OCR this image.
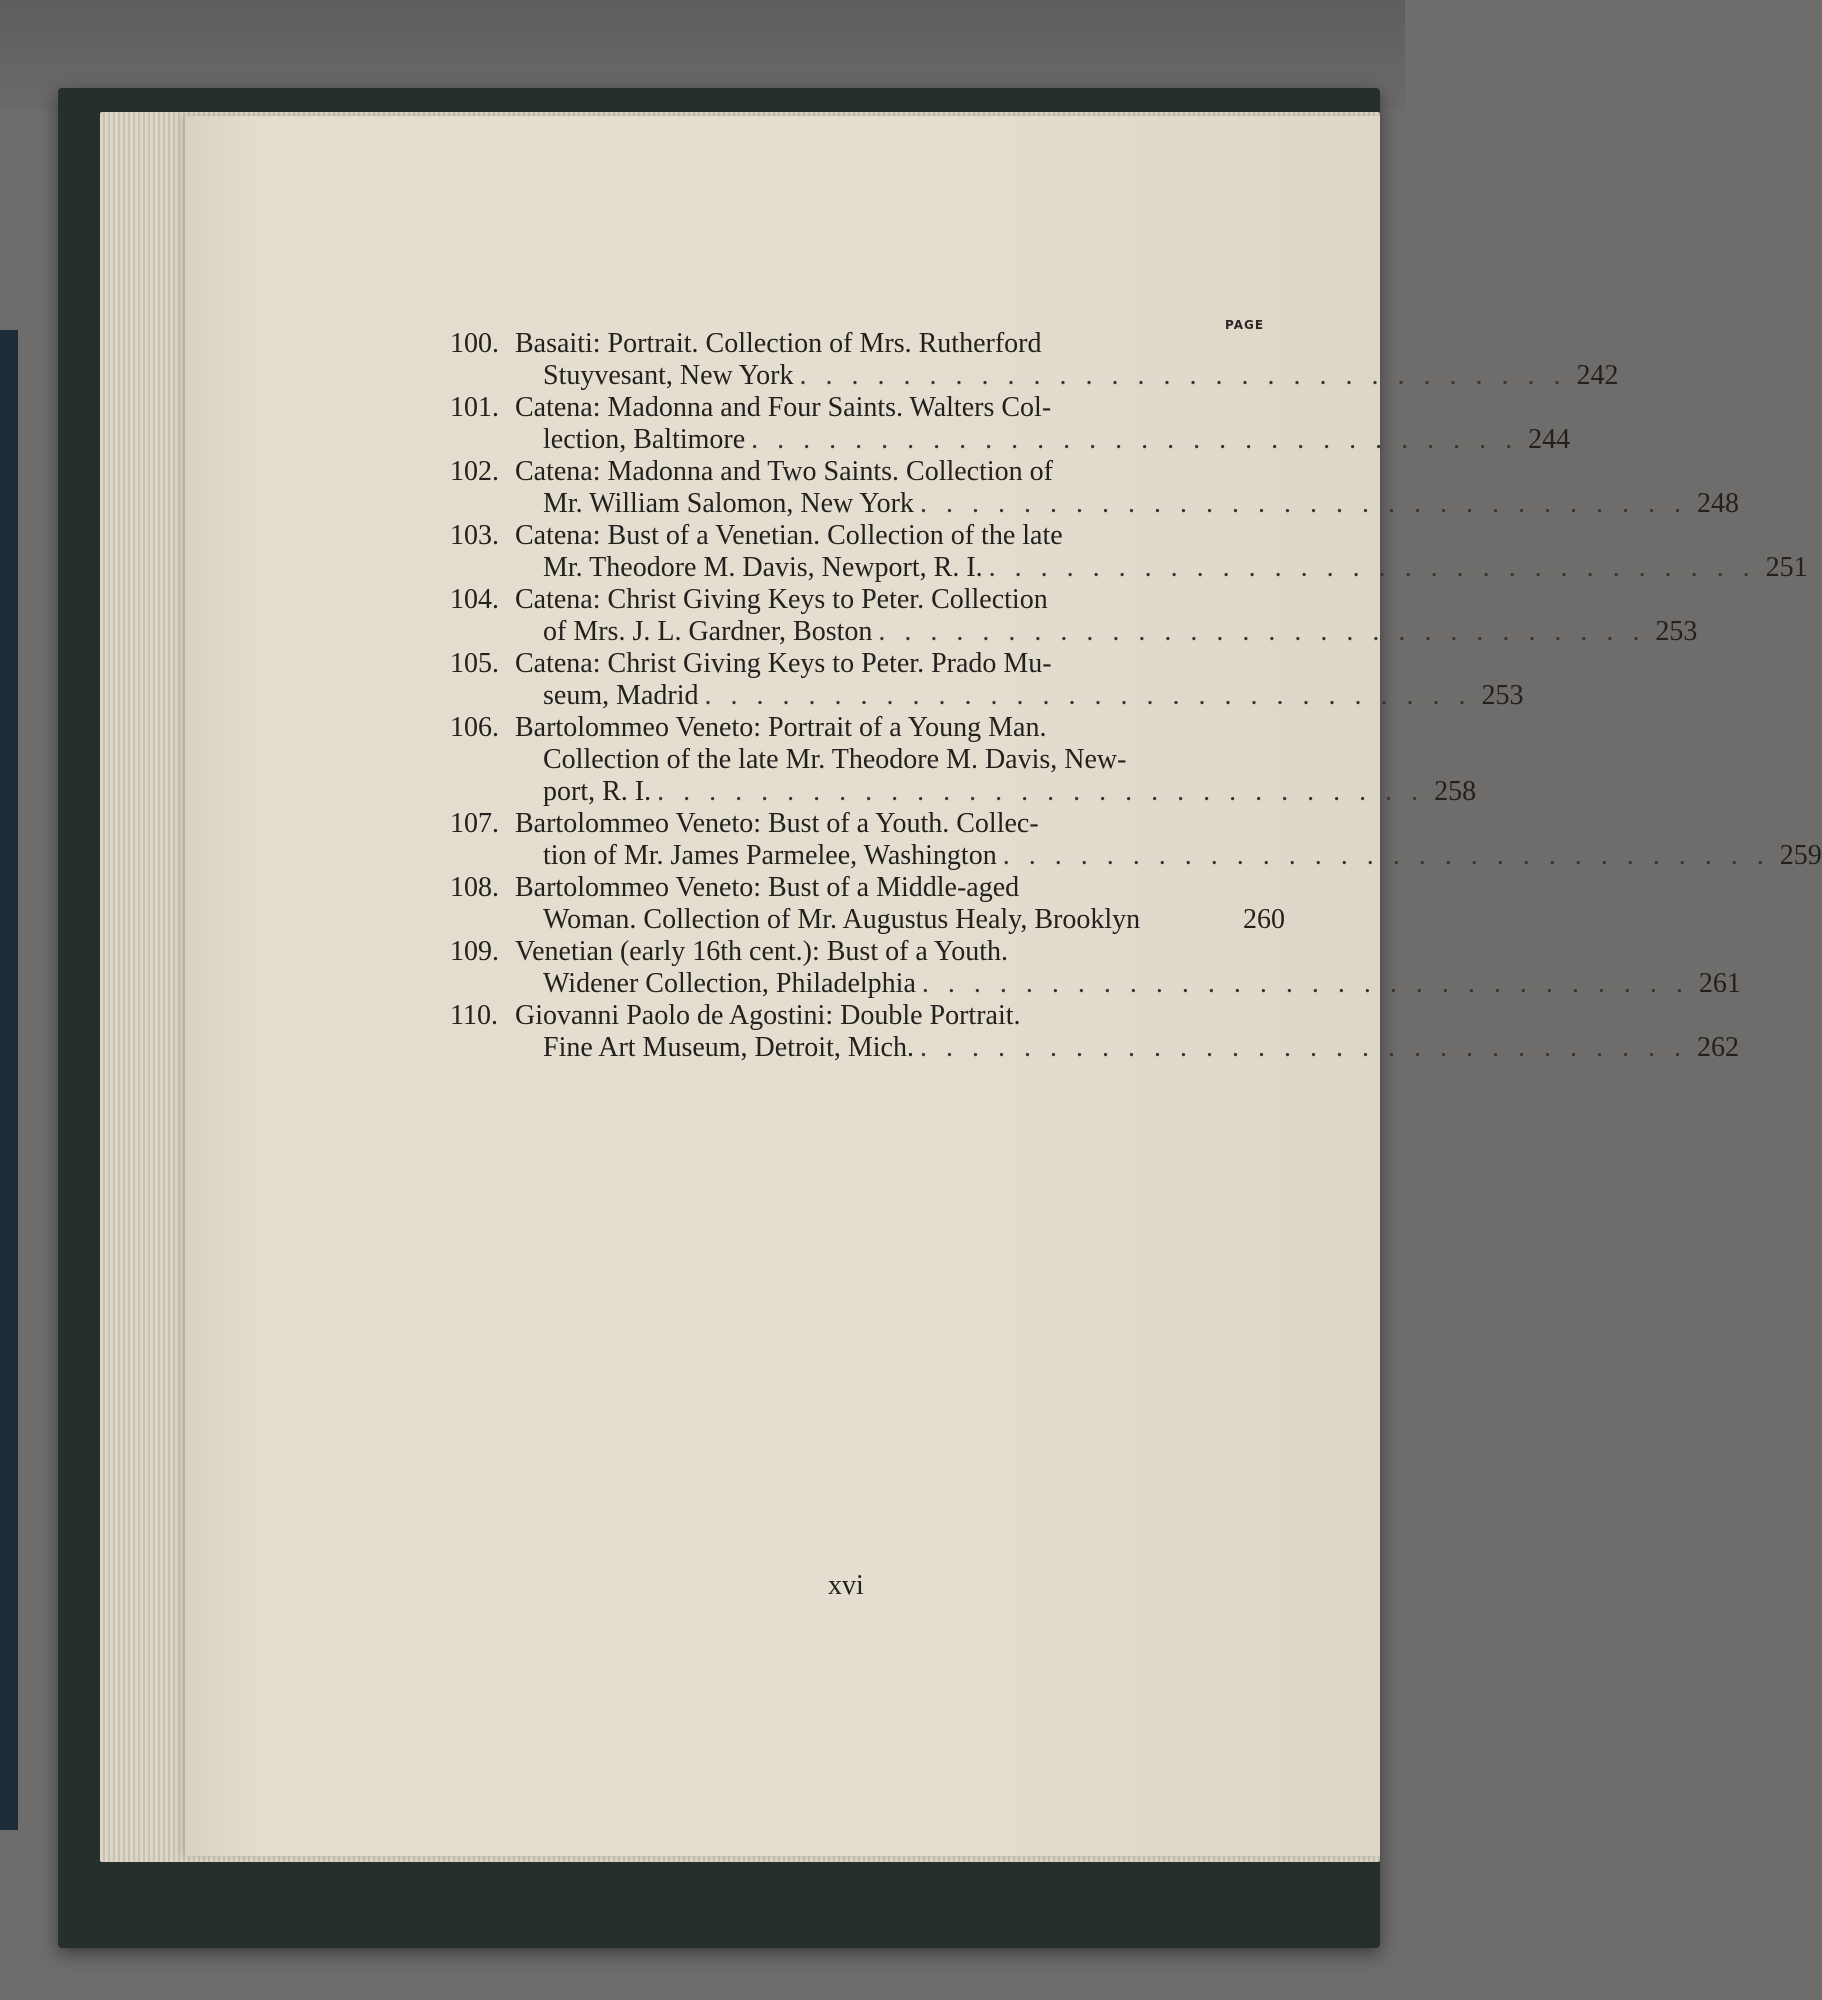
PAGE
100. Basaiti: Portrait. Collection of Mrs. Rutherford
Stuyvesant, New York . . . . . . . . . . . . . . . . . . . . . . . . . . . . . . 242
101. Catena: Madonna and Four Saints. Walters Col-
lection, Baltimore . . . . . . . . . . . . . . . . . . . . . . . . . . . . . . 244
102. Catena: Madonna and Two Saints. Collection of
Mr. William Salomon, New York . . . . . . . . . . . . . . . . . . . . . . . . . . . . . . 248
103. Catena: Bust of a Venetian. Collection of the late
Mr. Theodore M. Davis, Newport, R. I. . . . . . . . . . . . . . . . . . . . . . . . . . . . . . . 251
104. Catena: Christ Giving Keys to Peter. Collection
of Mrs. J. L. Gardner, Boston . . . . . . . . . . . . . . . . . . . . . . . . . . . . . . 253
105. Catena: Christ Giving Keys to Peter. Prado Mu-
seum, Madrid . . . . . . . . . . . . . . . . . . . . . . . . . . . . . . 253
106. Bartolommeo Veneto: Portrait of a Young Man.
Collection of the late Mr. Theodore M. Davis, New-
port, R. I. . . . . . . . . . . . . . . . . . . . . . . . . . . . . . . 258
107. Bartolommeo Veneto: Bust of a Youth. Collec-
tion of Mr. James Parmelee, Washington . . . . . . . . . . . . . . . . . . . . . . . . . . . . . . 259
108. Bartolommeo Veneto: Bust of a Middle-aged
Woman. Collection of Mr. Augustus Healy, Brooklyn	260
109. Venetian (early 16th cent.): Bust of a Youth.
Widener Collection, Philadelphia . . . . . . . . . . . . . . . . . . . . . . . . . . . . . . 261
110. Giovanni Paolo de Agostini: Double Portrait.
Fine Art Museum, Detroit, Mich. . . . . . . . . . . . . . . . . . . . . . . . . . . . . . . 262
xvi
